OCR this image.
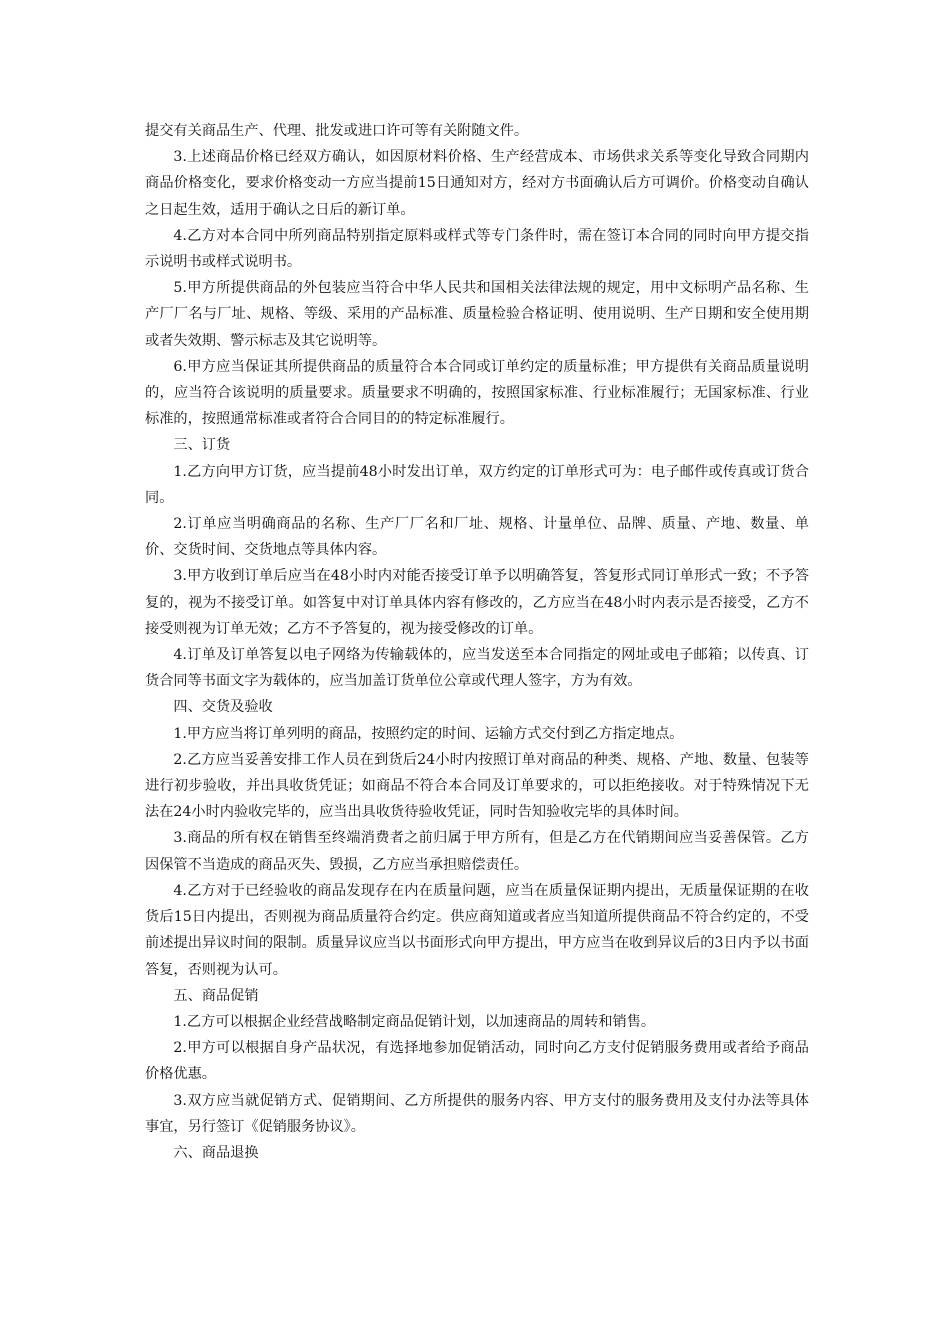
提交有关商品生产、代理、批发或进口许可等有关附随文件。

3.上述商品价格已经双方确认，如因原材料价格、生产经营成本、市场供求关系等变化导致合同期内商品价格变化，要求价格变动一方应当提前15日通知对方，经对方书面确认后方可调价。价格变动自确认之日起生效，适用于确认之日后的新订单。

4.乙方对本合同中所列商品特别指定原料或样式等专门条件时，需在签订本合同的同时向甲方提交指示说明书或样式说明书。

5.甲方所提供商品的外包装应当符合中华人民共和国相关法律法规的规定，用中文标明产品名称、生产厂厂名与厂址、规格、等级、采用的产品标准、质量检验合格证明、使用说明、生产日期和安全使用期或者失效期、警示标志及其它说明等。

6.甲方应当保证其所提供商品的质量符合本合同或订单约定的质量标准；甲方提供有关商品质量说明的，应当符合该说明的质量要求。质量要求不明确的，按照国家标准、行业标准履行；无国家标准、行业标准的，按照通常标准或者符合合同目的的特定标准履行。

三、订货

1.乙方向甲方订货，应当提前48小时发出订单，双方约定的订单形式可为：电子邮件或传真或订货合同。

2.订单应当明确商品的名称、生产厂厂名和厂址、规格、计量单位、品牌、质量、产地、数量、单价、交货时间、交货地点等具体内容。

3.甲方收到订单后应当在48小时内对能否接受订单予以明确答复，答复形式同订单形式一致；不予答复的，视为不接受订单。如答复中对订单具体内容有修改的，乙方应当在48小时内表示是否接受，乙方不接受则视为订单无效；乙方不予答复的，视为接受修改的订单。

4.订单及订单答复以电子网络为传输载体的，应当发送至本合同指定的网址或电子邮箱；以传真、订货合同等书面文字为载体的，应当加盖订货单位公章或代理人签字，方为有效。

四、交货及验收

1.甲方应当将订单列明的商品，按照约定的时间、运输方式交付到乙方指定地点。

2.乙方应当妥善安排工作人员在到货后24小时内按照订单对商品的种类、规格、产地、数量、包装等进行初步验收，并出具收货凭证；如商品不符合本合同及订单要求的，可以拒绝接收。对于特殊情况下无法在24小时内验收完毕的，应当出具收货待验收凭证，同时告知验收完毕的具体时间。

3.商品的所有权在销售至终端消费者之前归属于甲方所有，但是乙方在代销期间应当妥善保管。乙方因保管不当造成的商品灭失、毁损，乙方应当承担赔偿责任。

4.乙方对于已经验收的商品发现存在内在质量问题，应当在质量保证期内提出，无质量保证期的在收货后15日内提出，否则视为商品质量符合约定。供应商知道或者应当知道所提供商品不符合约定的，不受前述提出异议时间的限制。质量异议应当以书面形式向甲方提出，甲方应当在收到异议后的3日内予以书面答复，否则视为认可。

五、商品促销

1.乙方可以根据企业经营战略制定商品促销计划，以加速商品的周转和销售。

2.甲方可以根据自身产品状况，有选择地参加促销活动，同时向乙方支付促销服务费用或者给予商品价格优惠。

3.双方应当就促销方式、促销期间、乙方所提供的服务内容、甲方支付的服务费用及支付办法等具体事宜，另行签订《促销服务协议》。

六、商品退换
